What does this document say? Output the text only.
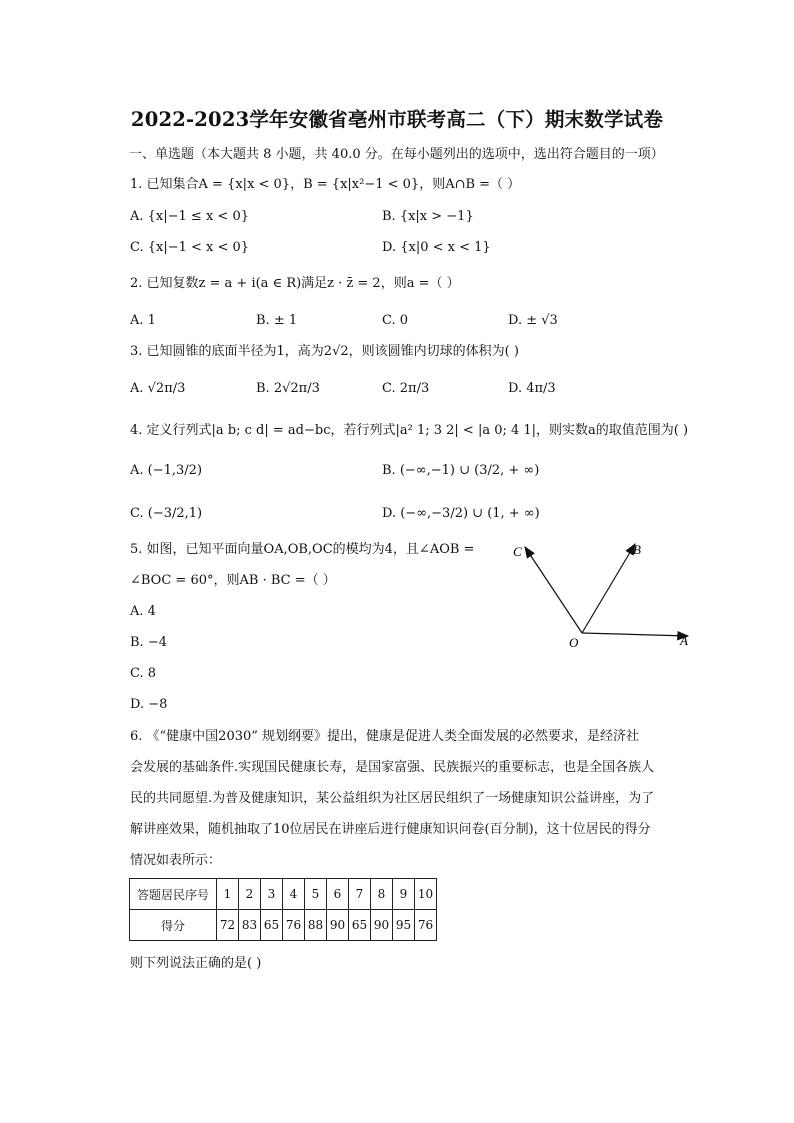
2022-2023学年安徽省亳州市联考高二（下）期末数学试卷
一、单选题（本大题共 8 小题，共 40.0 分。在每小题列出的选项中，选出符合题目的一项）
1. 已知集合A = {x|x < 0}，B = {x|x²−1 < 0}，则A∩B =（ ）
A. {x|−1 ≤ x < 0}	B. {x|x > −1}
C. {x|−1 < x < 0}	D. {x|0 < x < 1}
2. 已知复数z = a + i(a ∈ R)满足z · z̄ = 2，则a =（ ）
A. 1	B. ± 1	C. 0	D. ± √3
3. 已知圆锥的底面半径为1，高为2√2，则该圆锥内切球的体积为( )
A. √2π/3	B. 2√2π/3	C. 2π/3	D. 4π/3
4. 定义行列式|a b; c d| = ad−bc，若行列式|a² 1; 3 2| < |a 0; 4 1|，则实数a的取值范围为( )
A. (−1,3/2)	B. (−∞,−1) ∪ (3/2, + ∞)
C. (−3/2,1)	D. (−∞,−3/2) ∪ (1, + ∞)
5. 如图，已知平面向量OA,OB,OC的模均为4，且∠AOB =
∠BOC = 60°，则AB · BC =（ ）
A. 4
B. −4
C. 8
D. −8
C	B
O	A
6. 《“健康中国2030” 规划纲要》提出，健康是促进人类全面发展的必然要求，是经济社
会发展的基础条件.实现国民健康长寿，是国家富强、民族振兴的重要标志，也是全国各族人
民的共同愿望.为普及健康知识，某公益组织为社区居民组织了一场健康知识公益讲座，为了
解讲座效果，随机抽取了10位居民在讲座后进行健康知识问卷(百分制)，这十位居民的得分
情况如表所示：
答题居民序号	1	2	3	4	5	6	7	8	9	10
得分	72	83	65	76	88	90	65	90	95	76
则下列说法正确的是( )
